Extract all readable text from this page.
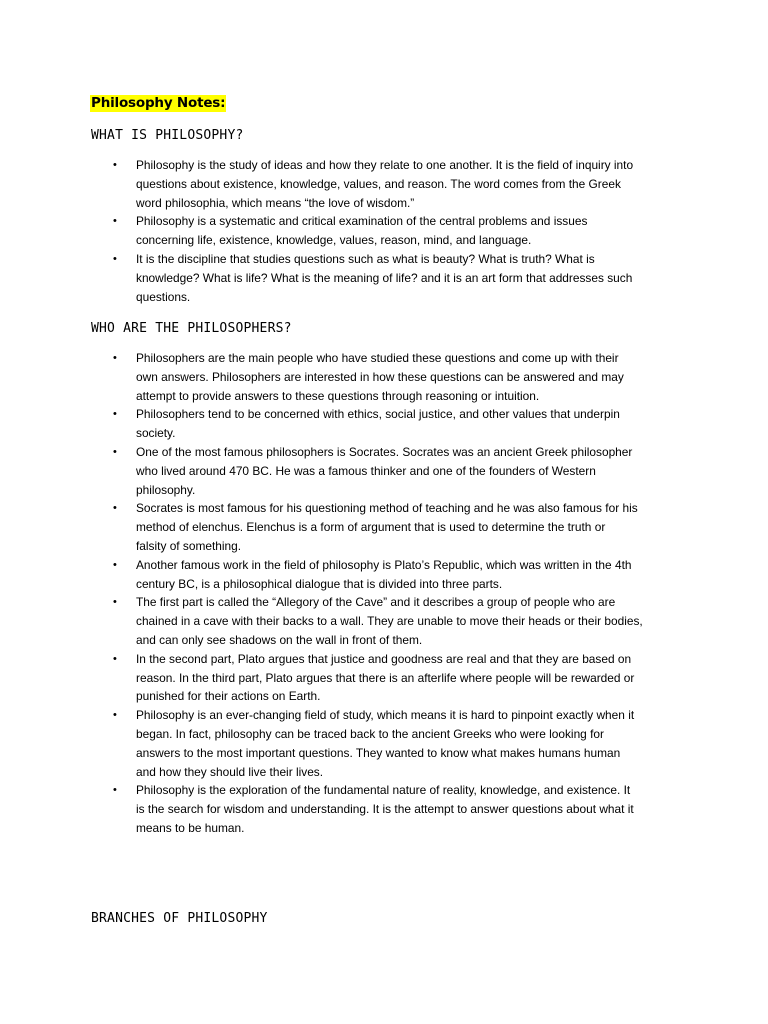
Philosophy Notes:
WHAT IS PHILOSOPHY?
• Philosophy is the study of ideas and how they relate to one another. It is the field of inquiry into
questions about existence, knowledge, values, and reason. The word comes from the Greek
word philosophia, which means “the love of wisdom.”
• Philosophy is a systematic and critical examination of the central problems and issues
concerning life, existence, knowledge, values, reason, mind, and language.
• It is the discipline that studies questions such as what is beauty? What is truth? What is
knowledge? What is life? What is the meaning of life? and it is an art form that addresses such
questions.
WHO ARE THE PHILOSOPHERS?
• Philosophers are the main people who have studied these questions and come up with their
own answers. Philosophers are interested in how these questions can be answered and may
attempt to provide answers to these questions through reasoning or intuition.
• Philosophers tend to be concerned with ethics, social justice, and other values that underpin
society.
• One of the most famous philosophers is Socrates. Socrates was an ancient Greek philosopher
who lived around 470 BC. He was a famous thinker and one of the founders of Western
philosophy.
• Socrates is most famous for his questioning method of teaching and he was also famous for his
method of elenchus. Elenchus is a form of argument that is used to determine the truth or
falsity of something.
• Another famous work in the field of philosophy is Plato’s Republic, which was written in the 4th
century BC, is a philosophical dialogue that is divided into three parts.
• The first part is called the “Allegory of the Cave” and it describes a group of people who are
chained in a cave with their backs to a wall. They are unable to move their heads or their bodies,
and can only see shadows on the wall in front of them.
• In the second part, Plato argues that justice and goodness are real and that they are based on
reason. In the third part, Plato argues that there is an afterlife where people will be rewarded or
punished for their actions on Earth.
• Philosophy is an ever-changing field of study, which means it is hard to pinpoint exactly when it
began. In fact, philosophy can be traced back to the ancient Greeks who were looking for
answers to the most important questions. They wanted to know what makes humans human
and how they should live their lives.
• Philosophy is the exploration of the fundamental nature of reality, knowledge, and existence. It
is the search for wisdom and understanding. It is the attempt to answer questions about what it
means to be human.
BRANCHES OF PHILOSOPHY
